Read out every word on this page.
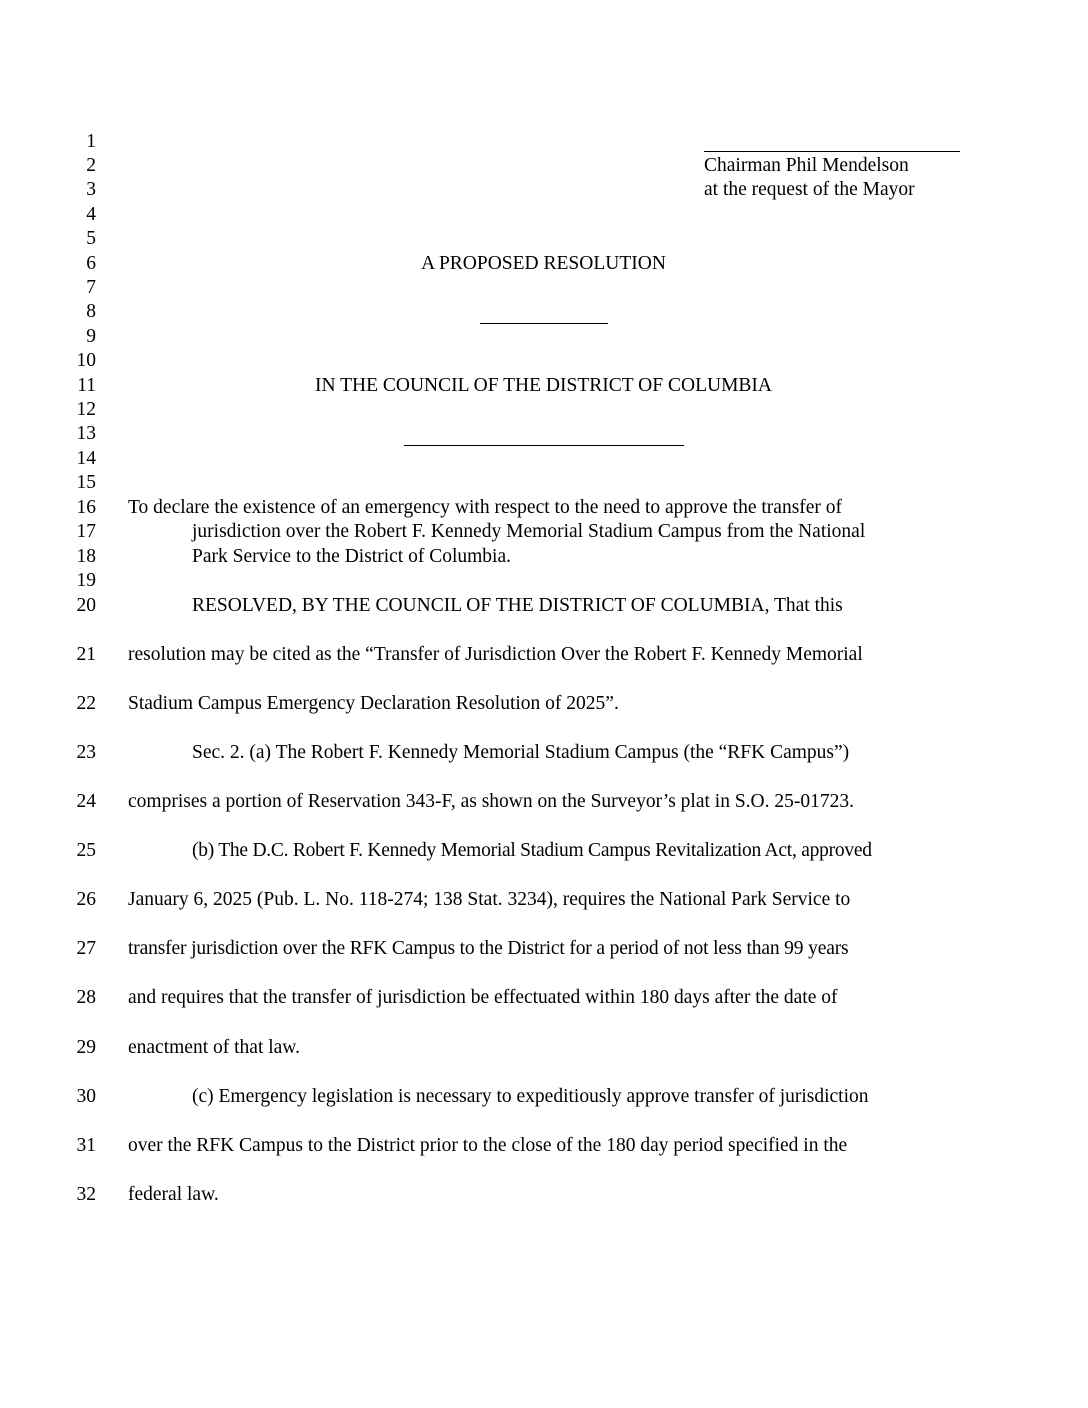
1
2
3
4
5
6
7
8
9
10
11
12
13
14
15
16
17
18
19
20
21
22
23
24
25
26
27
28
29
30
31
32
Chairman Phil Mendelson
at the request of the Mayor
A PROPOSED RESOLUTION
IN THE COUNCIL OF THE DISTRICT OF COLUMBIA
To declare the existence of an emergency with respect to the need to approve the transfer of
jurisdiction over the Robert F. Kennedy Memorial Stadium Campus from the National
Park Service to the District of Columbia.
RESOLVED, BY THE COUNCIL OF THE DISTRICT OF COLUMBIA, That this
resolution may be cited as the “Transfer of Jurisdiction Over the Robert F. Kennedy Memorial
Stadium Campus Emergency Declaration Resolution of 2025”.
Sec. 2. (a) The Robert F. Kennedy Memorial Stadium Campus (the “RFK Campus”)
comprises a portion of Reservation 343-F, as shown on the Surveyor’s plat in S.O. 25-01723.
(b) The D.C. Robert F. Kennedy Memorial Stadium Campus Revitalization Act, approved
January 6, 2025 (Pub. L. No. 118-274; 138 Stat. 3234), requires the National Park Service to
transfer jurisdiction over the RFK Campus to the District for a period of not less than 99 years
and requires that the transfer of jurisdiction be effectuated within 180 days after the date of
enactment of that law.
(c) Emergency legislation is necessary to expeditiously approve transfer of jurisdiction
over the RFK Campus to the District prior to the close of the 180 day period specified in the
federal law.
